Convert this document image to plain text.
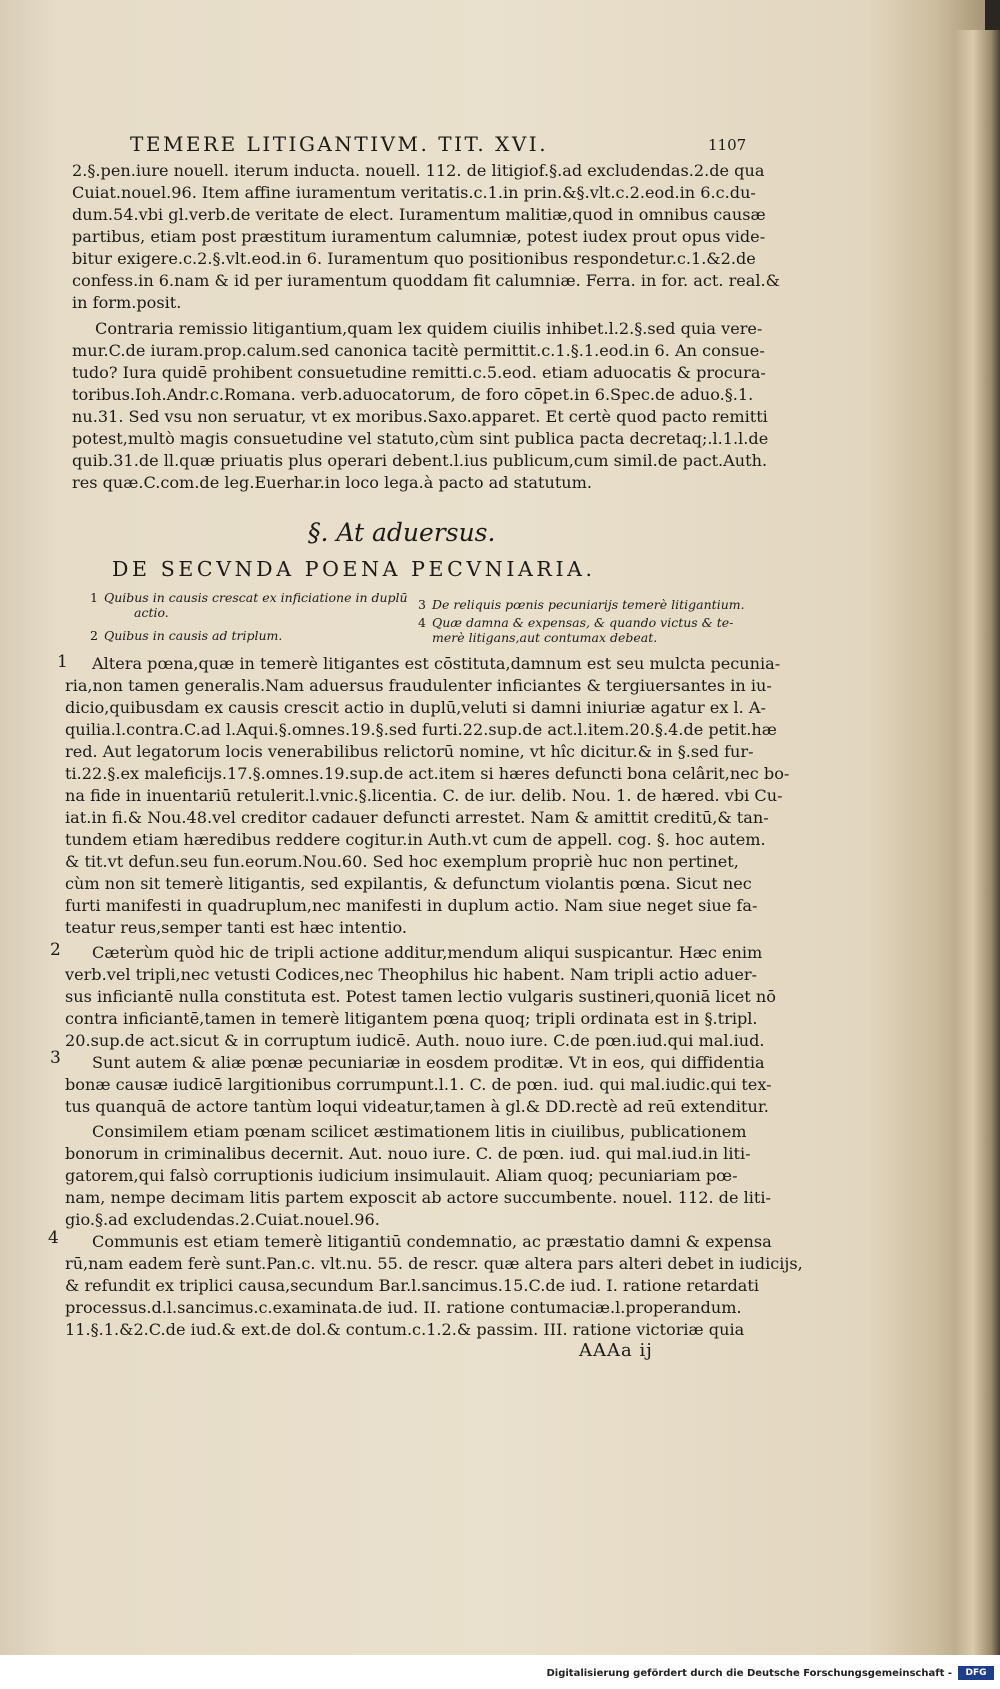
TEMERE LITIGANTIVM. TIT. XVI.	1107
2.§.pen.iure nouell. iterum inducta. nouell. 112. de litigiof.§.ad excludendas.2.de qua
Cuiat.nouel.96. Item affine iuramentum veritatis.c.1.in prin.&§.vlt.c.2.eod.in 6.c.du-
dum.54.vbi gl.verb.de veritate de elect. Iuramentum malitiæ,quod in omnibus causæ
partibus, etiam post præstitum iuramentum calumniæ, potest iudex prout opus vide-
bitur exigere.c.2.§.vlt.eod.in 6. Iuramentum quo positionibus respondetur.c.1.&2.de
confess.in 6.nam & id per iuramentum quoddam fit calumniæ. Ferra. in for. act. real.&
in form.posit.
Contraria remissio litigantium,quam lex quidem ciuilis inhibet.l.2.§.sed quia vere-
mur.C.de iuram.prop.calum.sed canonica tacitè permittit.c.1.§.1.eod.in 6. An consue-
tudo? Iura quidē prohibent consuetudine remitti.c.5.eod. etiam aduocatis & procura-
toribus.Ioh.Andr.c.Romana. verb.aduocatorum, de foro cōpet.in 6.Spec.de aduo.§.1.
nu.31. Sed vsu non seruatur, vt ex moribus.Saxo.apparet. Et certè quod pacto remitti
potest,multò magis consuetudine vel statuto,cùm sint publica pacta decretaq;.l.1.l.de
quib.31.de ll.quæ priuatis plus operari debent.l.ius publicum,cum simil.de pact.Auth.
res quæ.C.com.de leg.Euerhar.in loco lega.à pacto ad statutum.
§. At aduersus.
DE SECVNDA POENA PECVNIARIA.
1 Quibus in causis crescat ex inficiatione in duplū
actio.
2 Quibus in causis ad triplum.
3 De reliquis pœnis pecuniarijs temerè litigantium.
4 Quæ damna & expensas, & quando victus & te-
merè litigans,aut contumax debeat.
1
2
3
4
Altera pœna,quæ in temerè litigantes est cōstituta,damnum est seu mulcta pecunia-
ria,non tamen generalis.Nam aduersus fraudulenter inficiantes & tergiuersantes in iu-
dicio,quibusdam ex causis crescit actio in duplū,veluti si damni iniuriæ agatur ex l. A-
quilia.l.contra.C.ad l.Aqui.§.omnes.19.§.sed furti.22.sup.de act.l.item.20.§.4.de petit.hæ
red. Aut legatorum locis venerabilibus relictorū nomine, vt hîc dicitur.& in §.sed fur-
ti.22.§.ex maleficijs.17.§.omnes.19.sup.de act.item si hæres defuncti bona celârit,nec bo-
na fide in inuentariū retulerit.l.vnic.§.licentia. C. de iur. delib. Nou. 1. de hæred. vbi Cu-
iat.in fi.& Nou.48.vel creditor cadauer defuncti arrestet. Nam & amittit creditū,& tan-
tundem etiam hæredibus reddere cogitur.in Auth.vt cum de appell. cog. §. hoc autem.
& tit.vt defun.seu fun.eorum.Nou.60. Sed hoc exemplum propriè huc non pertinet,
cùm non sit temerè litigantis, sed expilantis, & defunctum violantis pœna. Sicut nec
furti manifesti in quadruplum,nec manifesti in duplum actio. Nam siue neget siue fa-
teatur reus,semper tanti est hæc intentio.
Cæterùm quòd hic de tripli actione additur,mendum aliqui suspicantur. Hæc enim
verb.vel tripli,nec vetusti Codices,nec Theophilus hic habent. Nam tripli actio aduer-
sus inficiantē nulla constituta est. Potest tamen lectio vulgaris sustineri,quoniā licet nō
contra inficiantē,tamen in temerè litigantem pœna quoq; tripli ordinata est in §.tripl.
20.sup.de act.sicut & in corruptum iudicē. Auth. nouo iure. C.de pœn.iud.qui mal.iud.
Sunt autem & aliæ pœnæ pecuniariæ in eosdem proditæ. Vt in eos, qui diffidentia
bonæ causæ iudicē largitionibus corrumpunt.l.1. C. de pœn. iud. qui mal.iudic.qui tex-
tus quanquā de actore tantùm loqui videatur,tamen à gl.& DD.rectè ad reū extenditur.
Consimilem etiam pœnam scilicet æstimationem litis in ciuilibus, publicationem
bonorum in criminalibus decernit. Aut. nouo iure. C. de pœn. iud. qui mal.iud.in liti-
gatorem,qui falsò corruptionis iudicium insimulauit. Aliam quoq; pecuniariam pœ-
nam, nempe decimam litis partem exposcit ab actore succumbente. nouel. 112. de liti-
gio.§.ad excludendas.2.Cuiat.nouel.96.
Communis est etiam temerè litigantiū condemnatio, ac præstatio damni & expensa
rū,nam eadem ferè sunt.Pan.c. vlt.nu. 55. de rescr. quæ altera pars alteri debet in iudicijs,
& refundit ex triplici causa,secundum Bar.l.sancimus.15.C.de iud. I. ratione retardati
processus.d.l.sancimus.c.examinata.de iud. II. ratione contumaciæ.l.properandum.
11.§.1.&2.C.de iud.& ext.de dol.& contum.c.1.2.& passim. III. ratione victoriæ quia
AAAa ij
Digitalisierung gefördert durch die Deutsche Forschungsgemeinschaft -	DFG
